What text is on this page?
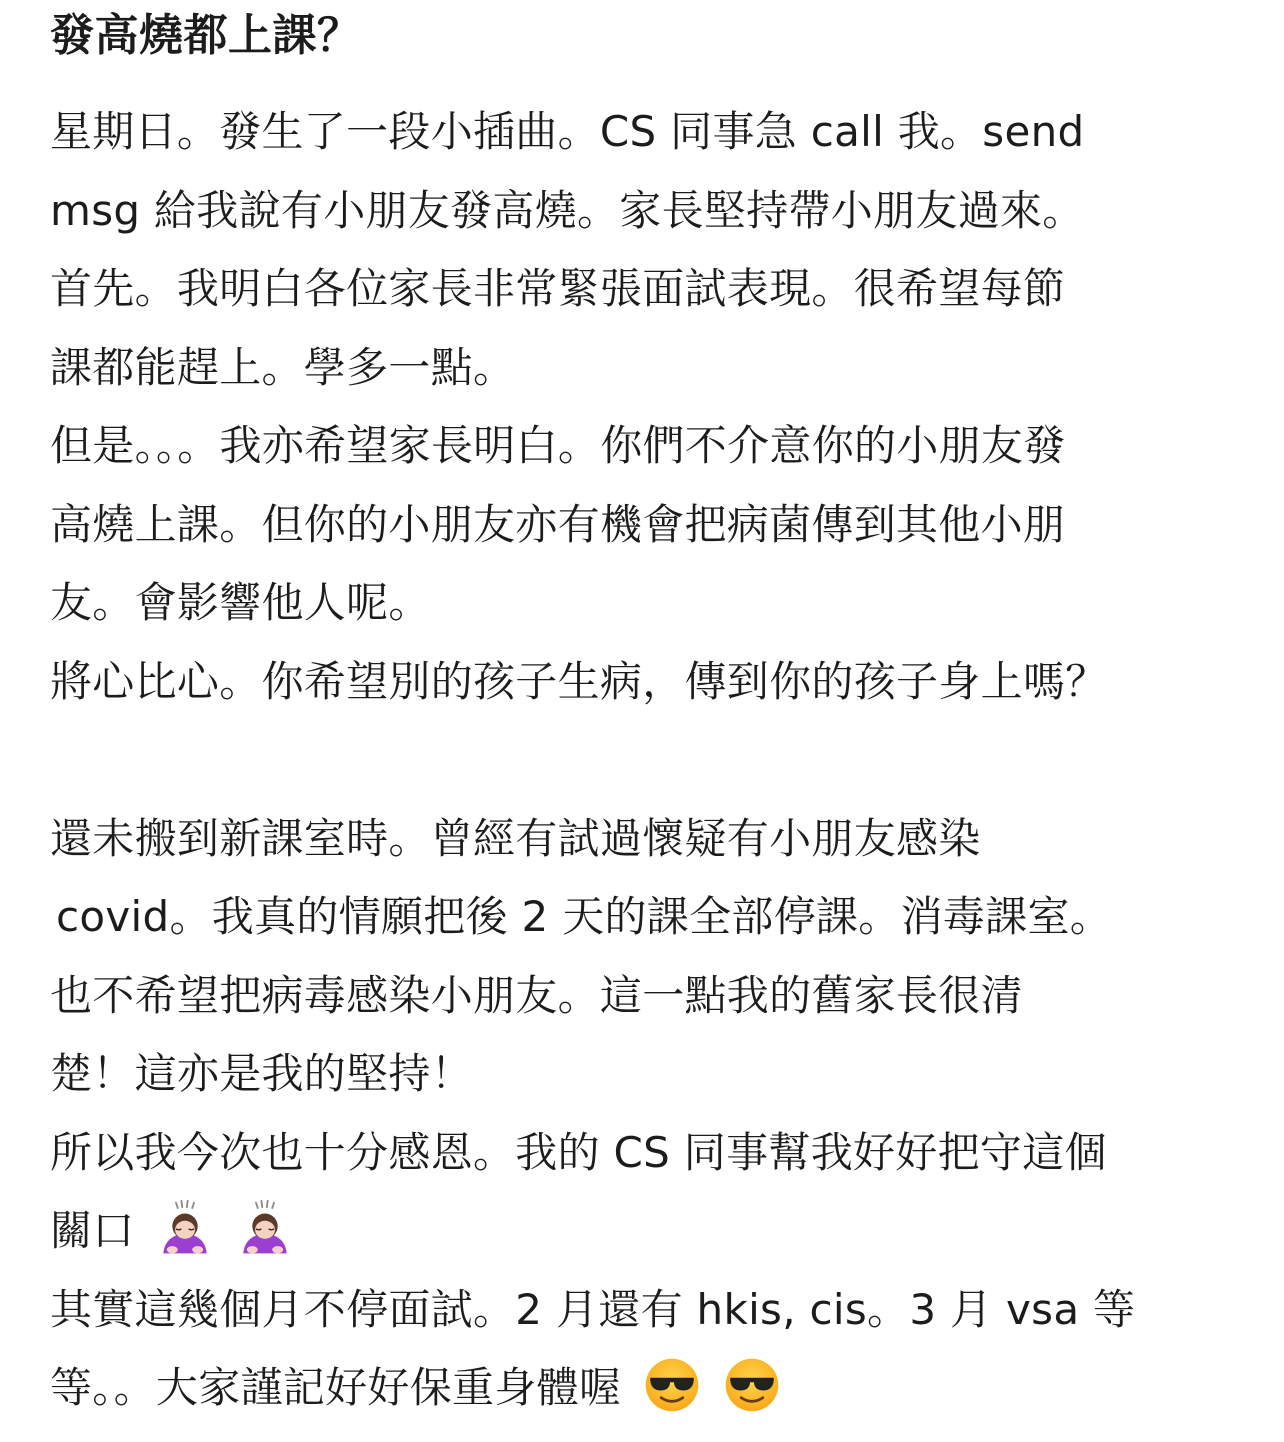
發高燒都上課？
星期日。發生了一段小插曲。CS 同事急 call 我。send
msg 給我說有小朋友發高燒。家長堅持帶小朋友過來。
首先。我明白各位家長非常緊張面試表現。很希望每節
課都能趕上。學多一點。
但是。。。我亦希望家長明白。你們不介意你的小朋友發
高燒上課。但你的小朋友亦有機會把病菌傳到其他小朋
友。會影響他人呢。
將心比心。你希望別的孩子生病，傳到你的孩子身上嗎？
還未搬到新課室時。曾經有試過懷疑有小朋友感染
covid。我真的情願把後 2 天的課全部停課。消毒課室。
也不希望把病毒感染小朋友。這一點我的舊家長很清
楚！這亦是我的堅持！
所以我今次也十分感恩。我的 CS 同事幫我好好把守這個
關口
其實這幾個月不停面試。2 月還有 hkis, cis。3 月 vsa 等
等。。大家謹記好好保重身體喔
